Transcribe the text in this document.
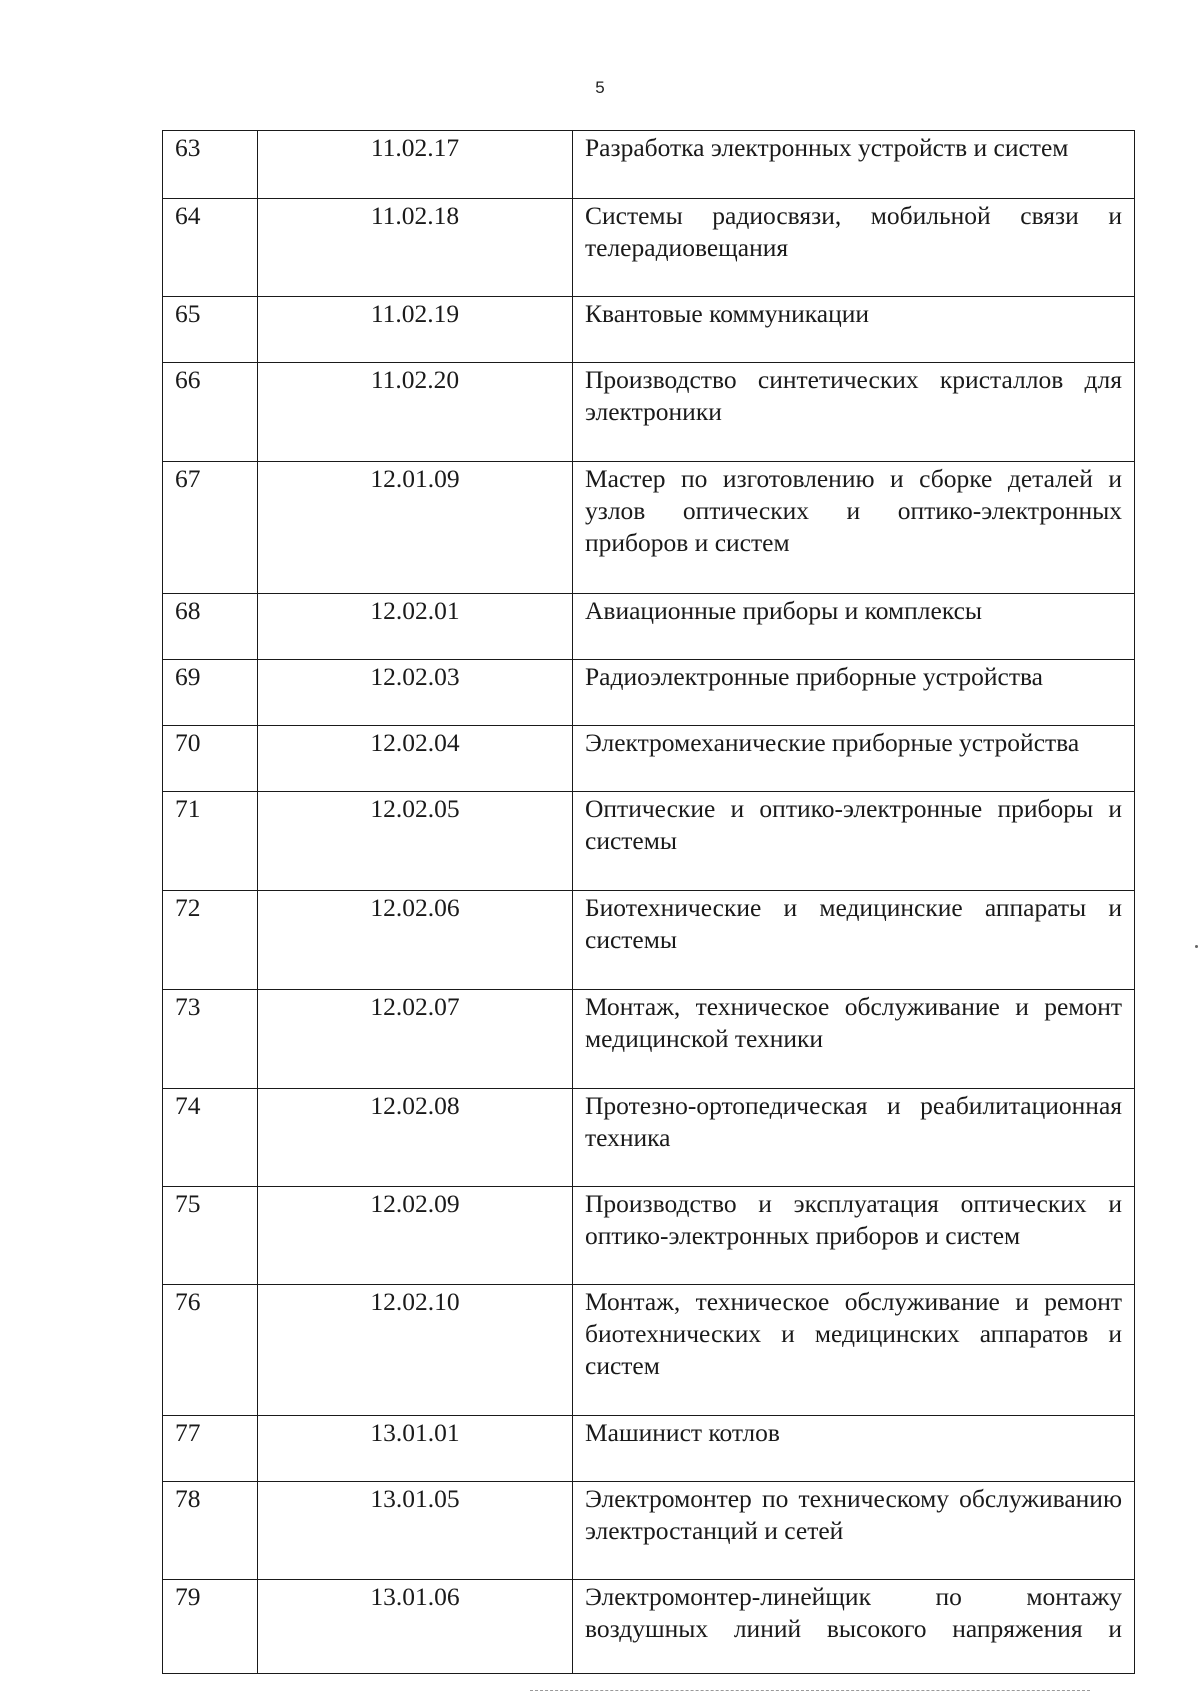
5
63	11.02.17	Разработка электронных устройств и систем
64	11.02.18	Системы радиосвязи, мобильной связи и телерадиовещания
65	11.02.19	Квантовые коммуникации
66	11.02.20	Производство синтетических кристаллов для электроники
67	12.01.09	Мастер по изготовлению и сборке деталей и узлов оптических и оптико-электронных приборов и систем
68	12.02.01	Авиационные приборы и комплексы
69	12.02.03	Радиоэлектронные приборные устройства
70	12.02.04	Электромеханические приборные устройства
71	12.02.05	Оптические и оптико-электронные приборы и системы
72	12.02.06	Биотехнические и медицинские аппараты и системы
73	12.02.07	Монтаж, техническое обслуживание и ремонт медицинской техники
74	12.02.08	Протезно-ортопедическая и реабилитационная техника
75	12.02.09	Производство и эксплуатация оптических и оптико-электронных приборов и систем
76	12.02.10	Монтаж, техническое обслуживание и ремонт биотехнических и медицинских аппаратов и систем
77	13.01.01	Машинист котлов
78	13.01.05	Электромонтер по техническому обслуживанию электростанций и сетей
79	13.01.06	Электромонтер-линейщик по монтажу воздушных линий высокого напряжения и
